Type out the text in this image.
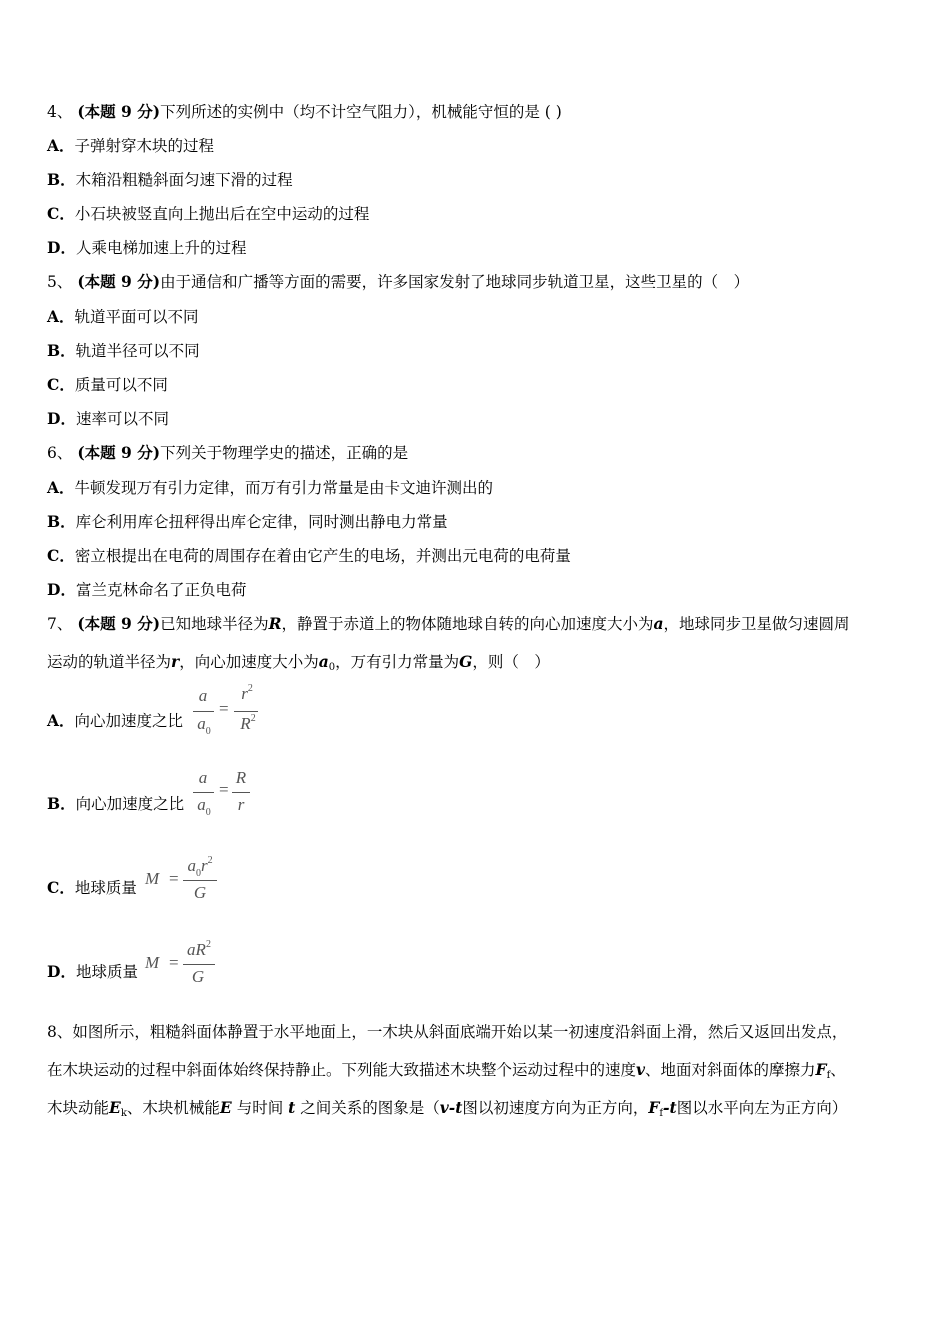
4、 (本题 9 分)下列所述的实例中（均不计空气阻力），机械能守恒的是 ( )
A．子弹射穿木块的过程
B．木箱沿粗糙斜面匀速下滑的过程
C．小石块被竖直向上抛出后在空中运动的过程
D．人乘电梯加速上升的过程
5、 (本题 9 分)由于通信和广播等方面的需要，许多国家发射了地球同步轨道卫星，这些卫星的（　）
A．轨道平面可以不同
B．轨道半径可以不同
C．质量可以不同
D．速率可以不同
6、 (本题 9 分)下列关于物理学史的描述，正确的是
A．牛顿发现万有引力定律，而万有引力常量是由卡文迪许测出的
B．库仑利用库仑扭秤得出库仑定律，同时测出静电力常量
C．密立根提出在电荷的周围存在着由它产生的电场，并测出元电荷的电荷量
D．富兰克林命名了正负电荷
7、 (本题 9 分)已知地球半径为R，静置于赤道上的物体随地球自转的向心加速度大小为a，地球同步卫星做匀速圆周
运动的轨道半径为r，向心加速度大小为$a_0$，万有引力常量为G，则（　）
A．向心加速度之比
a
$a_0$
=
$r^2$
$R^2$
B．向心加速度之比
a
$a_0$
=
R
r
C．地球质量 M =
$a_0r^2$
G
D．地球质量 M =
$aR^2$
G
8、如图所示，粗糙斜面体静置于水平地面上，一木块从斜面底端开始以某一初速度沿斜面上滑，然后又返回出发点，
在木块运动的过程中斜面体始终保持静止。下列能大致描述木块整个运动过程中的速度v、地面对斜面体的摩擦力$F_f$、
木块动能$E_k$、木块机械能E 与时间 t 之间关系的图象是（v-t图以初速度方向为正方向，$F_f-t$图以水平向左为正方向）
